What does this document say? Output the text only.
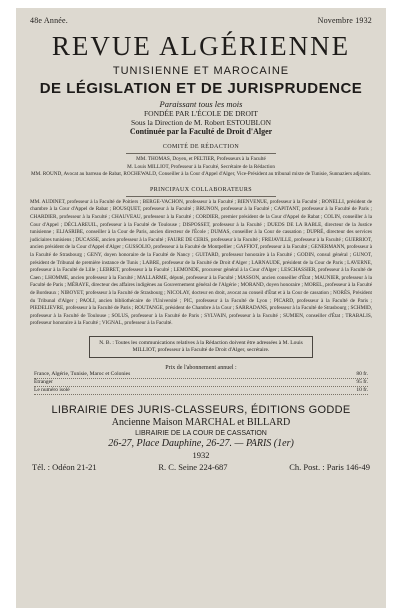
48e Année.	Novembre 1932
REVUE ALGÉRIENNE
TUNISIENNE ET MAROCAINE
DE LÉGISLATION ET DE JURISPRUDENCE
Paraissant tous les mois
FONDÉE PAR L'ÉCOLE DE DROIT
Sous la Direction de M. Robert ESTOUBLON
Continuée par la Faculté de Droit d'Alger
COMITÉ DE RÉDACTION
MM. THOMAS, Doyen, et PELTIER, Professeurs à la Faculté
M. Louis MILLIOT, Professeur à la Faculté, Secrétaire de la Rédaction
MM. ROUND, Avocat au barreau de Rabat, ROCHEWALD, Conseiller à la Cour d'Appel d'Alger, Vice-Président au tribunal mixte de Tunisie, Sunnaziers adjoints.
PRINCIPAUX COLLABORATEURS
MM. AUDINET, professeur à la Faculté de Poitiers ; BERGE-VACHON, professeur à la Faculté ; BIENVENUE, professeur à la Faculté ; BONELLI, président de chambre à la Cour d'Appel de Rabat ; BOUSQUET, professeur à la Faculté ; BRUNON, professeur à la Faculté ; CAPITANT, professeur à la Faculté de Paris ; CHARDIER, professeur à la Faculté ; CHAUVEAU, professeur à la Faculté ; CORDIER, premier président de la Cour d'Appel de Rabat ; COLIN, conseiller à la Cour d'Appel ; DÉCLAREUIL, professeur à la Faculté de Toulouse ; DISPOSSET, professeur à la Faculté ; DUEDS DE LA RABLE, directeur de la Justice tunisienne ; ELJASRIBE, conseiller à la Cour de Paris, ancien directeur de l'École ; DUMAS, conseiller à la Cour de cassation ; DUPRÉ, directeur des services judiciaires tunisiens ; DUCASSE, ancien professeur à la Faculté ; FAURE DE CERIS, professeur à la Faculté ; FREJAVILLE, professeur à la Faculté ; GUERRIOT, ancien président de la Cour d'Appel d'Alger ; GUSSOLIO, professeur à la Faculté de Montpellier ; GAFFIOT, professeur à la Faculté ; GENERMANN, professeur à la Faculté de Strasbourg ; GENY, doyen honoraire de la Faculté de Nancy ; GUITARD, professeur honoraire à la Faculté ; GODIN, consul général ; GUNOT, président de Tribunal de première instance de Tunis ; LABRE, professeur de la Faculté de Droit d'Alger ; LARNAUDE, président de la Cour de Paris ; LAVERNE, professeur à la Faculté de Lille ; LEBRET, professeur à la Faculté ; LEMONDE, procureur général à la Cour d'Alger ; LESCHASSIER, professeur à la Faculté de Caen ; LHOMME, ancien professeur à la Faculté ; MALLARME, député, professeur à la Faculté ; MASSON, ancien conseiller d'État ; MAUNIER, professeur à la Faculté de Paris ; MÉRAYE, directeur des affaires indigènes au Gouvernement général de l'Algérie ; MORAND, doyen honoraire ; MOREL, professeur à la Faculté de Bordeaux ; NIBOYET, professeur à la Faculté de Strasbourg ; NICOLAY, docteur en droit, avocat au conseil d'État et à la Cour de cassation ; NORÈS, Président du Tribunal d'Alger ; PAOLI, ancien bibliothécaire de l'Université ; PIC, professeur à la Faculté de Lyon ; PICARD, professeur à la Faculté de Paris ; PIEDELIEVRE, professeur à la Faculté de Paris ; ROUTANGE, président de Chambre à la Cour ; SARRADANS, professeur à la Faculté de Strasbourg ; SCHMID, professeur à la Faculté de Toulouse ; SOLUS, professeur à la Faculté de Paris ; SYLVAIN, professeur à la Faculté ; SUMIEN, conseiller d'État ; TRABALIS, professeur honoraire à la Faculté ; VIGNAL, professeur à la Faculté.
N. B. : Toutes les communications relatives à la Rédaction doivent être adressées à M. Louis MILLIOT, professeur à la Faculté de Droit d'Alger, secrétaire.
Prix de l'abonnement annuel :
France, Algérie, Tunisie, Maroc et Colonies	80 fr.
Étranger	95 fr.
Le numéro isolé	10 fr.
LIBRAIRIE DES JURIS-CLASSEURS, ÉDITIONS GODDE
Ancienne Maison MARCHAL et BILLARD
LIBRAIRIE DE LA COUR DE CASSATION
26-27, Place Dauphine, 26-27. — PARIS (1er)
1932
Tél. : Odéon 21-21	R. C. Seine 224-687	Ch. Post. : Paris 146-49
